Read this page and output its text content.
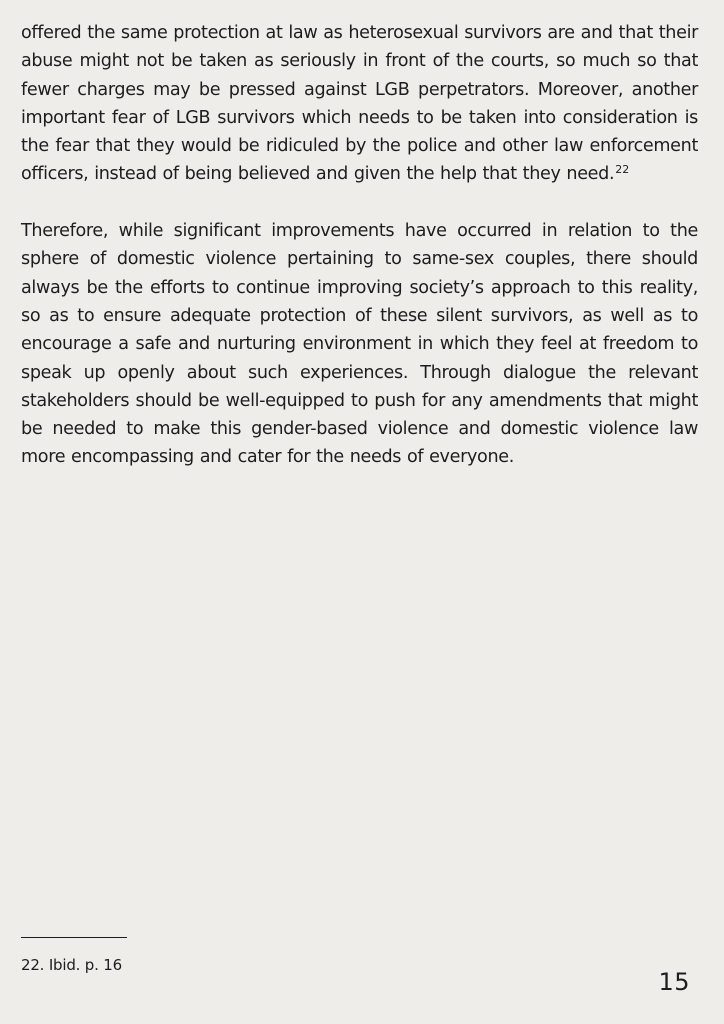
offered the same protection at law as heterosexual survivors are and that their abuse might not be taken as seriously in front of the courts, so much so that fewer charges may be pressed against LGB perpetrators. Moreover, another important fear of LGB survivors which needs to be taken into consideration is the fear that they would be ridiculed by the police and other law enforcement officers, instead of being believed and given the help that they need.$^{22}$

Therefore, while significant improvements have occurred in relation to the sphere of domestic violence pertaining to same-sex couples, there should always be the efforts to continue improving society’s approach to this reality, so as to ensure adequate protection of these silent survivors, as well as to encourage a safe and nurturing environment in which they feel at freedom to speak up openly about such experiences. Through dialogue the relevant stakeholders should be well-equipped to push for any amendments that might be needed to make this gender-based violence and domestic violence law more encompassing and cater for the needs of everyone.

22. Ibid. p. 16
15
